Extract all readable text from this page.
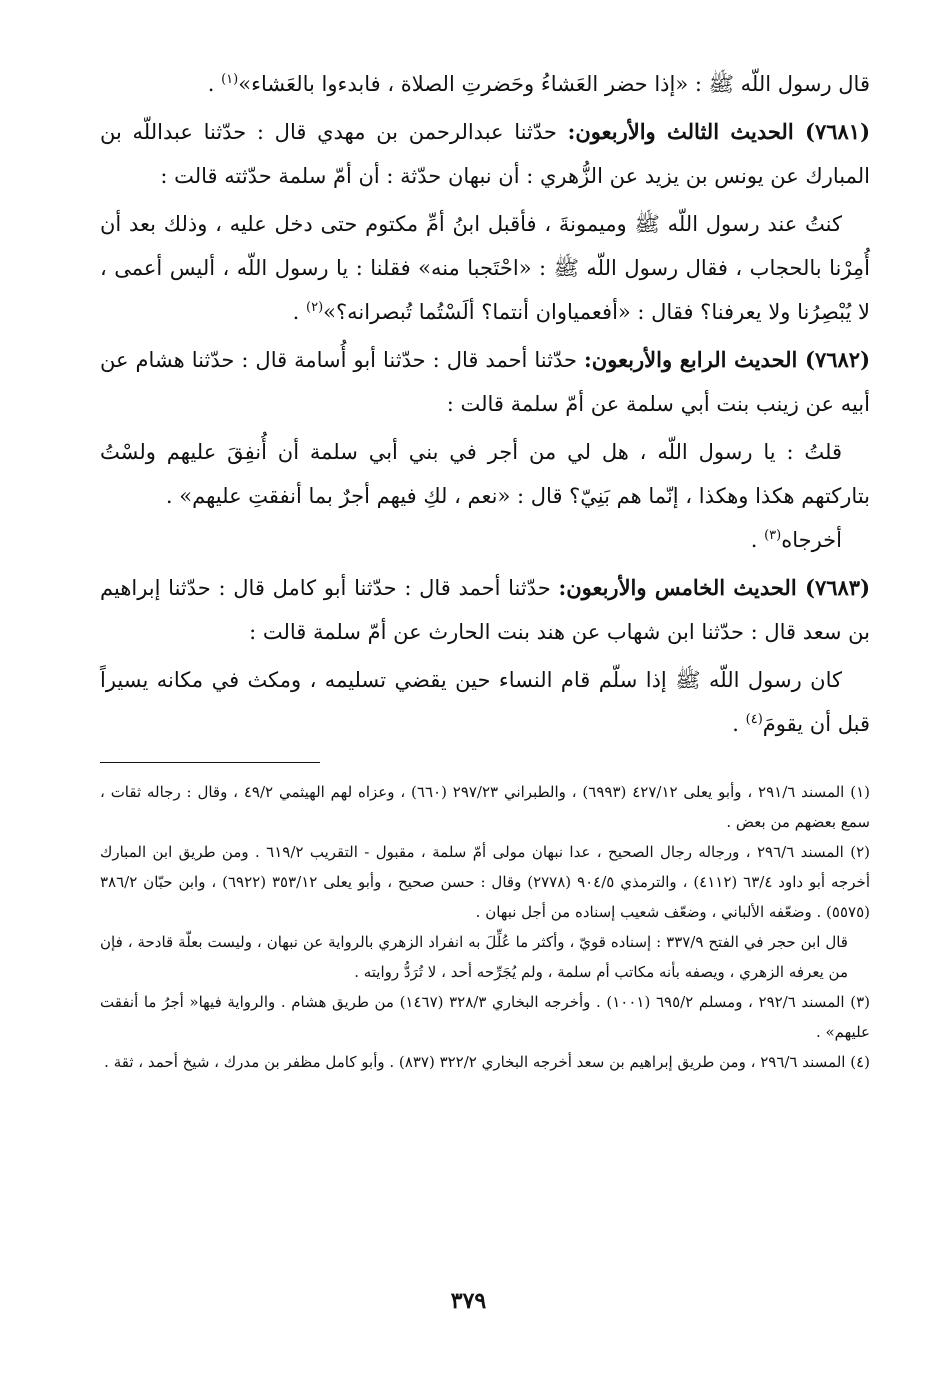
قال رسول اللّه ﷺ : «إذا حضر العَشاءُ وحَضرتِ الصلاة ، فابدءوا بالعَشاء»$^{(١)}$ .

(٧٦٨١) الحديث الثالث والأربعون: حدّثنا عبدالرحمن بن مهدي قال : حدّثنا عبداللّه بن المبارك عن يونس بن يزيد عن الزُّهري : أن نبهان حدّثة : أن أمّ سلمة حدّثته قالت :

كنتُ عند رسول اللّه ﷺ وميمونةَ ، فأقبل ابنُ أمِّ مكتوم حتى دخل عليه ، وذلك بعد أن أُمِرْنا بالحجاب ، فقال رسول اللّه ﷺ : «احْتَجبا منه» فقلنا : يا رسول اللّه ، أليس أعمى ، لا يُبْصِرُنا ولا يعرفنا؟ فقال : «أفعمياوان أنتما؟ ألَسْتُما تُبصرانه؟»$^{(٢)}$ .

(٧٦٨٢) الحديث الرابع والأربعون: حدّثنا أحمد قال : حدّثنا أبو أُسامة قال : حدّثنا هشام عن أبيه عن زينب بنت أبي سلمة عن أمّ سلمة قالت :

قلتُ : يا رسول اللّه ، هل لي من أجر في بني أبي سلمة أن أُنفِقَ عليهم ولسْتُ بتاركتهم هكذا وهكذا ، إنّما هم بَنِيّ؟ قال : «نعم ، لكِ فيهم أجرٌ بما أنفقتِ عليهم» .

أخرجاه$^{(٣)}$ .

(٧٦٨٣) الحديث الخامس والأربعون: حدّثنا أحمد قال : حدّثنا أبو كامل قال : حدّثنا إبراهيم بن سعد قال : حدّثنا ابن شهاب عن هند بنت الحارث عن أمّ سلمة قالت :

كان رسول اللّه ﷺ إذا سلّم قام النساء حين يقضي تسليمه ، ومكث في مكانه يسيراً قبل أن يقومَ$^{(٤)}$ .

(١) المسند ٢٩١/٦ ، وأبو يعلى ٤٢٧/١٢ (٦٩٩٣) ، والطبراني ٢٩٧/٢٣ (٦٦٠) ، وعزاه لهم الهيثمي ٤٩/٢ ، وقال : رجاله ثقات ، سمع بعضهم من بعض .

(٢) المسند ٢٩٦/٦ ، ورجاله رجال الصحيح ، عدا نبهان مولى أمّ سلمة ، مقبول - التقريب ٦١٩/٢ . ومن طريق ابن المبارك أخرجه أبو داود ٦٣/٤ (٤١١٢) ، والترمذي ٩٠٤/٥ (٢٧٧٨) وقال : حسن صحيح ، وأبو يعلى ٣٥٣/١٢ (٦٩٢٢) ، وابن حبّان ٣٨٦/٢ (٥٥٧٥) . وضعّفه الألباني ، وضعّف شعيب إسناده من أجل نبهان .

قال ابن حجر في الفتح ٣٣٧/٩ : إسناده قويّ ، وأكثر ما عُلِّلَ به انفراد الزهري بالرواية عن نبهان ، وليست بعلّة قادحة ، فإن من يعرفه الزهري ، ويصفه بأنه مكاتب أم سلمة ، ولم يُجَرِّحه أحد ، لا تُرَدُّ روايته .

(٣) المسند ٢٩٢/٦ ، ومسلم ٦٩٥/٢ (١٠٠١) . وأخرجه البخاري ٣٢٨/٣ (١٤٦٧) من طريق هشام . والرواية فيها« أجرُ ما أنفقت عليهم» .

(٤) المسند ٢٩٦/٦ ، ومن طريق إبراهيم بن سعد أخرجه البخاري ٣٢٢/٢ (٨٣٧) . وأبو كامل مظفر بن مدرك ، شيخ أحمد ، ثقة .

٣٧٩
